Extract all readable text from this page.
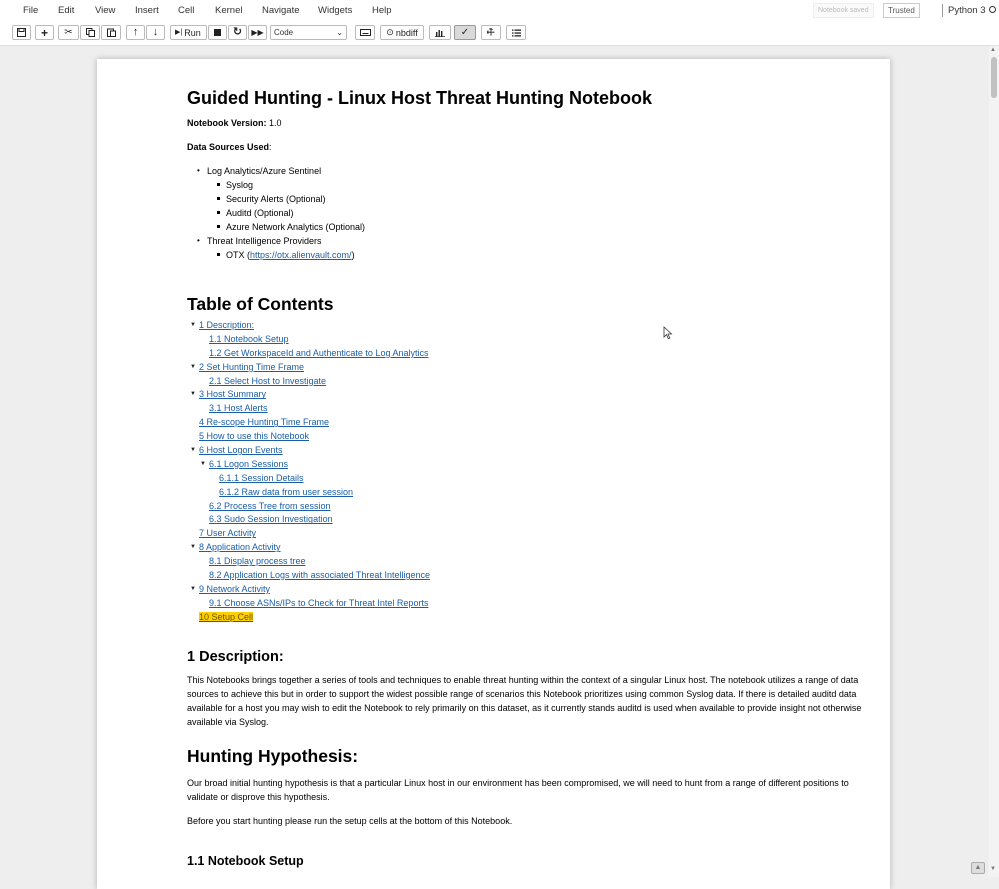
File Edit View Insert Cell Kernel Navigate Widgets Help	Notebook saved	Trusted	Python 3
+ ✂	↑ ↓ ▶| Run	↻ ▶▶	Code	⌄	⊙ nbdiff	✓ ⚒
Guided Hunting - Linux Host Threat Hunting Notebook

Notebook Version: 1.0

Data Sources Used:

• Log Analytics/Azure Sentinel
Syslog
Security Alerts (Optional)
Auditd (Optional)
Azure Network Analytics (Optional)
• Threat Intelligence Providers
OTX (https://otx.alienvault.com/)
Table of Contents
▼ 1 Description:
1.1 Notebook Setup
1.2 Get WorkspaceId and Authenticate to Log Analytics
▼ 2 Set Hunting Time Frame
2.1 Select Host to Investigate
▼ 3 Host Summary
3.1 Host Alerts
4 Re-scope Hunting Time Frame
5 How to use this Notebook
▼ 6 Host Logon Events
▼ 6.1 Logon Sessions
6.1.1 Session Details
6.1.2 Raw data from user session
6.2 Process Tree from session
6.3 Sudo Session Investigation
7 User Activity
▼ 8 Application Activity
8.1 Display process tree
8.2 Application Logs with associated Threat Intelligence
▼ 9 Network Activity
9.1 Choose ASNs/IPs to Check for Threat Intel Reports
10 Setup Cell
1 Description:

This Notebooks brings together a series of tools and techniques to enable threat hunting within the context of a singular Linux host. The notebook utilizes a range of data sources to achieve this but in order to support the widest possible range of scenarios this Notebook prioritizes using common Syslog data. If there is detailed auditd data available for a host you may wish to edit the Notebook to rely primarily on this dataset, as it currently stands auditd is used when available to provide insight not otherwise available via Syslog.

Hunting Hypothesis:

Our broad initial hunting hypothesis is that a particular Linux host in our environment has been compromised, we will need to hunt from a range of different positions to validate or disprove this hypothesis.

Before you start hunting please run the setup cells at the bottom of this Notebook.

1.1 Notebook Setup
▲
▼
▲
